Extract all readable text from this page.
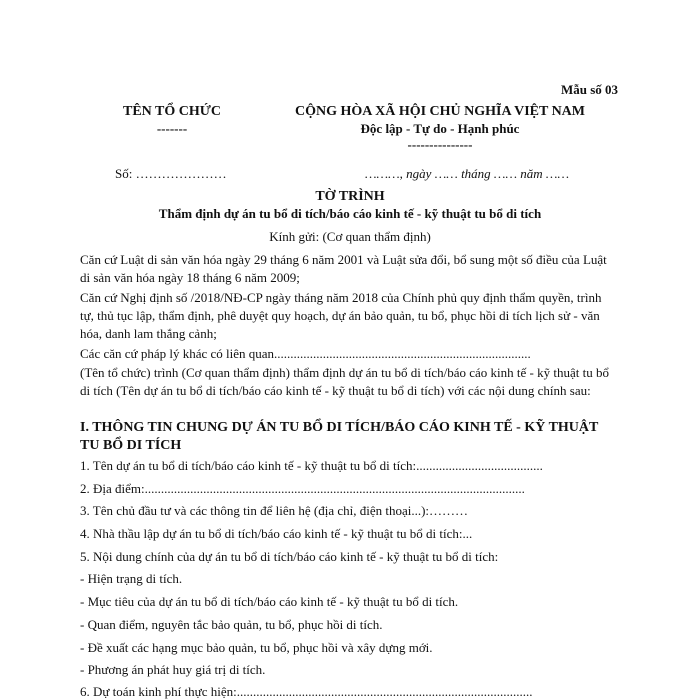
Mẫu số 03
TÊN TỔ CHỨC
-------
CỘNG HÒA XÃ HỘI CHỦ NGHĨA VIỆT NAM
Độc lập - Tự do - Hạnh phúc
---------------
Số: …………………	………, ngày …… tháng …… năm ……
TỜ TRÌNH
Thẩm định dự án tu bổ di tích/báo cáo kinh tế - kỹ thuật tu bổ di tích
Kính gửi: (Cơ quan thẩm định)
Căn cứ Luật di sản văn hóa ngày 29 tháng 6 năm 2001 và Luật sửa đổi, bổ sung một số điều của Luật di sản văn hóa ngày 18 tháng 6 năm 2009;
Căn cứ Nghị định số /2018/NĐ-CP ngày tháng năm 2018 của Chính phủ quy định thẩm quyền, trình tự, thủ tục lập, thẩm định, phê duyệt quy hoạch, dự án bảo quản, tu bổ, phục hồi di tích lịch sử - văn hóa, danh lam thắng cảnh;
Các căn cứ pháp lý khác có liên quan...............................................................................
(Tên tổ chức) trình (Cơ quan thẩm định) thẩm định dự án tu bổ di tích/báo cáo kinh tế - kỹ thuật tu bổ di tích (Tên dự án tu bổ di tích/báo cáo kinh tế - kỹ thuật tu bổ di tích) với các nội dung chính sau:
I. THÔNG TIN CHUNG DỰ ÁN TU BỔ DI TÍCH/BÁO CÁO KINH TẾ - KỸ THUẬT TU BỔ DI TÍCH
1. Tên dự án tu bổ di tích/báo cáo kinh tế - kỹ thuật tu bổ di tích:.......................................
2. Địa điểm:.....................................................................................................................
3. Tên chủ đầu tư và các thông tin để liên hệ (địa chỉ, điện thoại...):………
4. Nhà thầu lập dự án tu bổ di tích/báo cáo kinh tế - kỹ thuật tu bổ di tích:...
5. Nội dung chính của dự án tu bổ di tích/báo cáo kinh tế - kỹ thuật tu bổ di tích:
- Hiện trạng di tích.
- Mục tiêu của dự án tu bổ di tích/báo cáo kinh tế - kỹ thuật tu bổ di tích.
- Quan điểm, nguyên tắc bảo quản, tu bổ, phục hồi di tích.
- Đề xuất các hạng mục bảo quản, tu bổ, phục hồi và xây dựng mới.
- Phương án phát huy giá trị di tích.
6. Dự toán kinh phí thực hiện:...........................................................................................
